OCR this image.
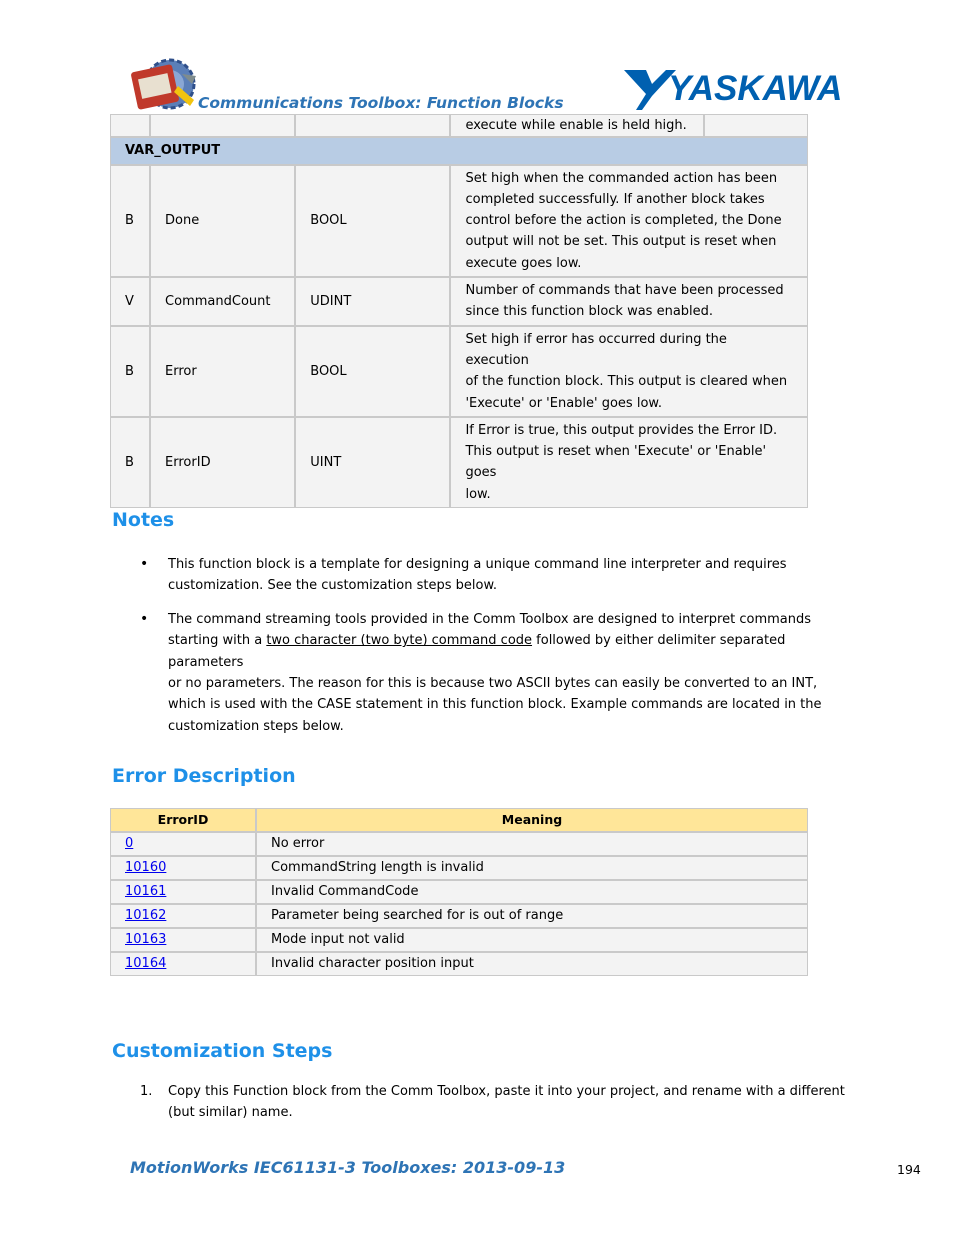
Communications Toolbox: Function Blocks	YASKAWA
			execute while enable is held high.	
VAR_OUTPUT				
B	Done	BOOL	Set high when the commanded action has been
completed successfully. If another block takes
control before the action is completed, the Done
output will not be set. This output is reset when
execute goes low.	

V	CommandCount	UDINT	Number of commands that have been processed
since this function block was enabled.	

B	Error	BOOL	Set high if error has occurred during the execution
of the function block. This output is cleared when
'Execute' or 'Enable' goes low.	

B	ErrorID	UINT	If Error is true, this output provides the Error ID.
This output is reset when 'Execute' or 'Enable' goes
low.	
Notes
• This function block is a template for designing a unique command line interpreter and requires
customization. See the customization steps below.
• The command streaming tools provided in the Comm Toolbox are designed to interpret commands
starting with a two character (two byte) command code followed by either delimiter separated parameters
or no parameters. The reason for this is because two ASCII bytes can easily be converted to an INT,
which is used with the CASE statement in this function block. Example commands are located in the
customization steps below.
Error Description
ErrorID	Meaning
0	No error
10160	CommandString length is invalid
10161	Invalid CommandCode
10162	Parameter being searched for is out of range
10163	Mode input not valid
10164	Invalid character position input
Customization Steps
1. Copy this Function block from the Comm Toolbox, paste it into your project, and rename with a different
(but similar) name.
MotionWorks IEC61131-3 Toolboxes: 2013-09-13	194
